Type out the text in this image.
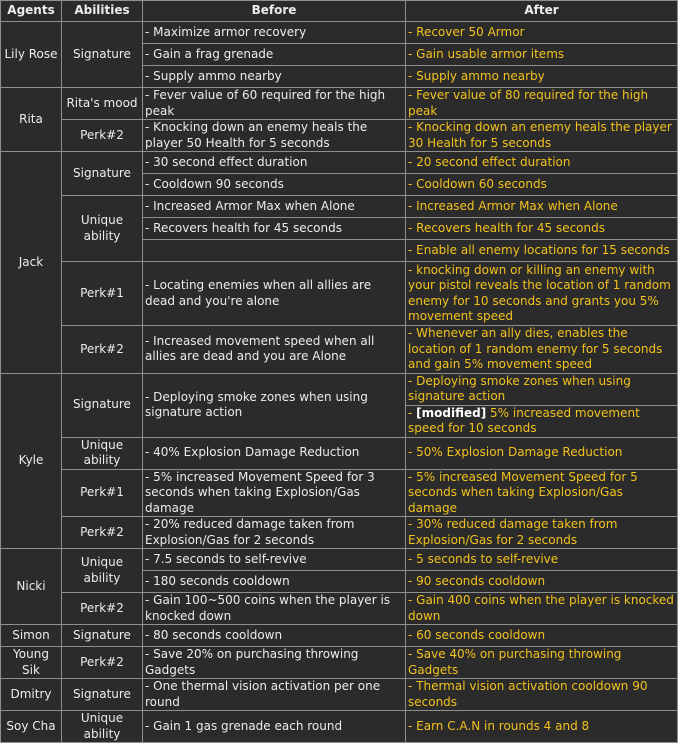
Agents	Abilities	Before	After
Lily Rose	Signature	- Maximize armor recovery	- Recover 50 Armor
		- Gain a frag grenade	- Gain usable armor items
		- Supply ammo nearby	- Supply ammo nearby
Rita	Rita's mood	- Fever value of 60 required for the high peak	- Fever value of 80 required for the high peak
	Perk#2	- Knocking down an enemy heals the player 50 Health for 5 seconds	- Knocking down an enemy heals the player 30 Health for 5 seconds
Jack	Signature	- 30 second effect duration	- 20 second effect duration
		- Cooldown 90 seconds	- Cooldown 60 seconds
	Unique ability	- Increased Armor Max when Alone	- Increased Armor Max when Alone
		- Recovers health for 45 seconds	- Recovers health for 45 seconds
			- Enable all enemy locations for 15 seconds
	Perk#1	- Locating enemies when all allies are dead and you're alone	- knocking down or killing an enemy with your pistol reveals the location of 1 random enemy for 10 seconds and grants you 5% movement speed
	Perk#2	- Increased movement speed when all allies are dead and you are Alone	- Whenever an ally dies, enables the location of 1 random enemy for 5 seconds and gain 5% movement speed
Kyle	Signature	- Deploying smoke zones when using signature action	- Deploying smoke zones when using signature action
			- [modified] 5% increased movement speed for 10 seconds
	Unique ability	- 40% Explosion Damage Reduction	- 50% Explosion Damage Reduction
	Perk#1	- 5% increased Movement Speed for 3 seconds when taking Explosion/Gas damage	- 5% increased Movement Speed for 5 seconds when taking Explosion/Gas damage
	Perk#2	- 20% reduced damage taken from Explosion/Gas for 2 seconds	- 30% reduced damage taken from Explosion/Gas for 2 seconds
Nicki	Unique ability	- 7.5 seconds to self-revive	- 5 seconds to self-revive
		- 180 seconds cooldown	- 90 seconds cooldown
	Perk#2	- Gain 100~500 coins when the player is knocked down	- Gain 400 coins when the player is knocked down
Simon	Signature	- 80 seconds cooldown	- 60 seconds cooldown
Young Sik	Perk#2	- Save 20% on purchasing throwing Gadgets	- Save 40% on purchasing throwing Gadgets
Dmitry	Signature	- One thermal vision activation per one round	- Thermal vision activation cooldown 90 seconds
Soy Cha	Unique ability	- Gain 1 gas grenade each round	- Earn C.A.N in rounds 4 and 8
